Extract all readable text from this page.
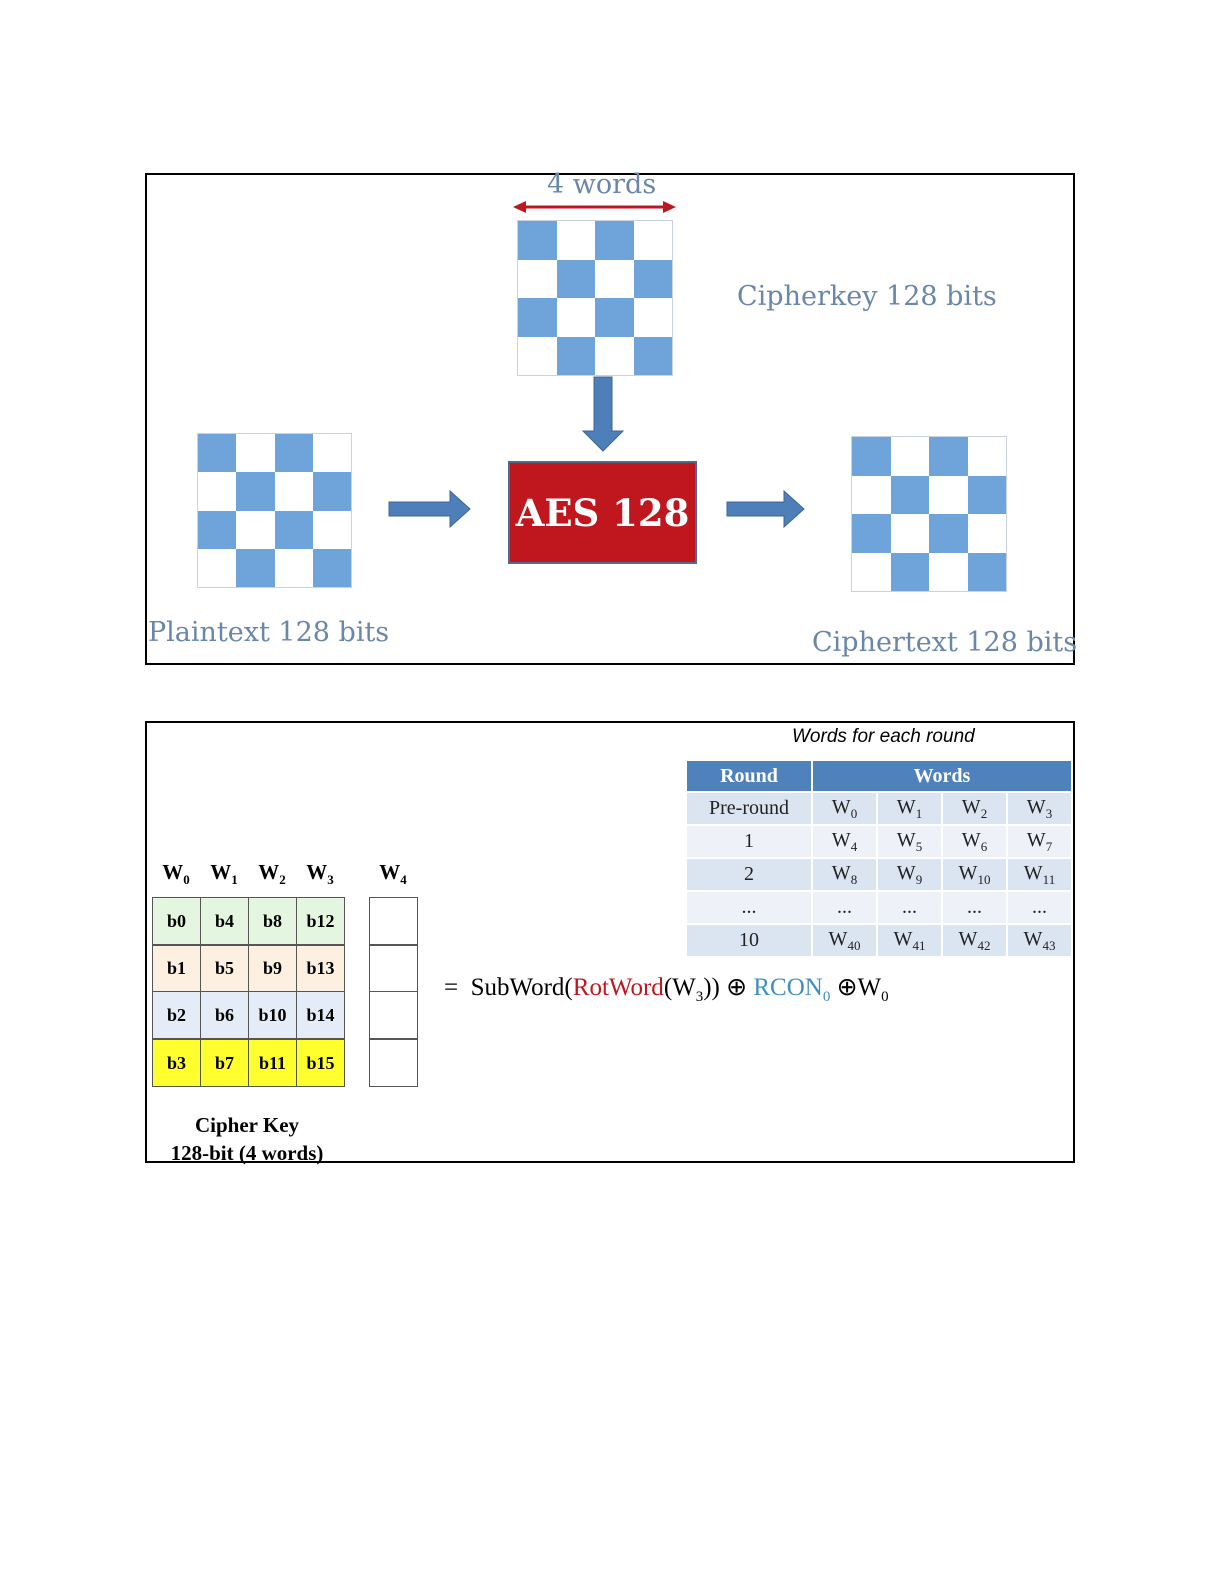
4 words
Cipherkey 128 bits
Plaintext 128 bits
AES 128
Ciphertext 128 bits
$W_0$ $W_1$ $W_2$ $W_3$	$W_4$
b0	b4	b8	b12
b1	b5	b9	b13
b2	b6	b10	b14
b3	b7	b11	b15
Cipher Key
128-bit (4 words)
= $SubWord(RotWord(W_3))$ ⊕ $RCON_0$ $\oplus W_0$
Words for each round
Round	Words			
Pre-round	$W_0$	$W_1$	$W_2$	$W_3$
1	$W_4$	$W_5$	$W_6$	$W_7$
2	$W_8$	$W_9$	$W_{10}$	$W_{11}$
...	...	...	...	...
10	$W_{40}$	$W_{41}$	$W_{42}$	$W_{43}$
